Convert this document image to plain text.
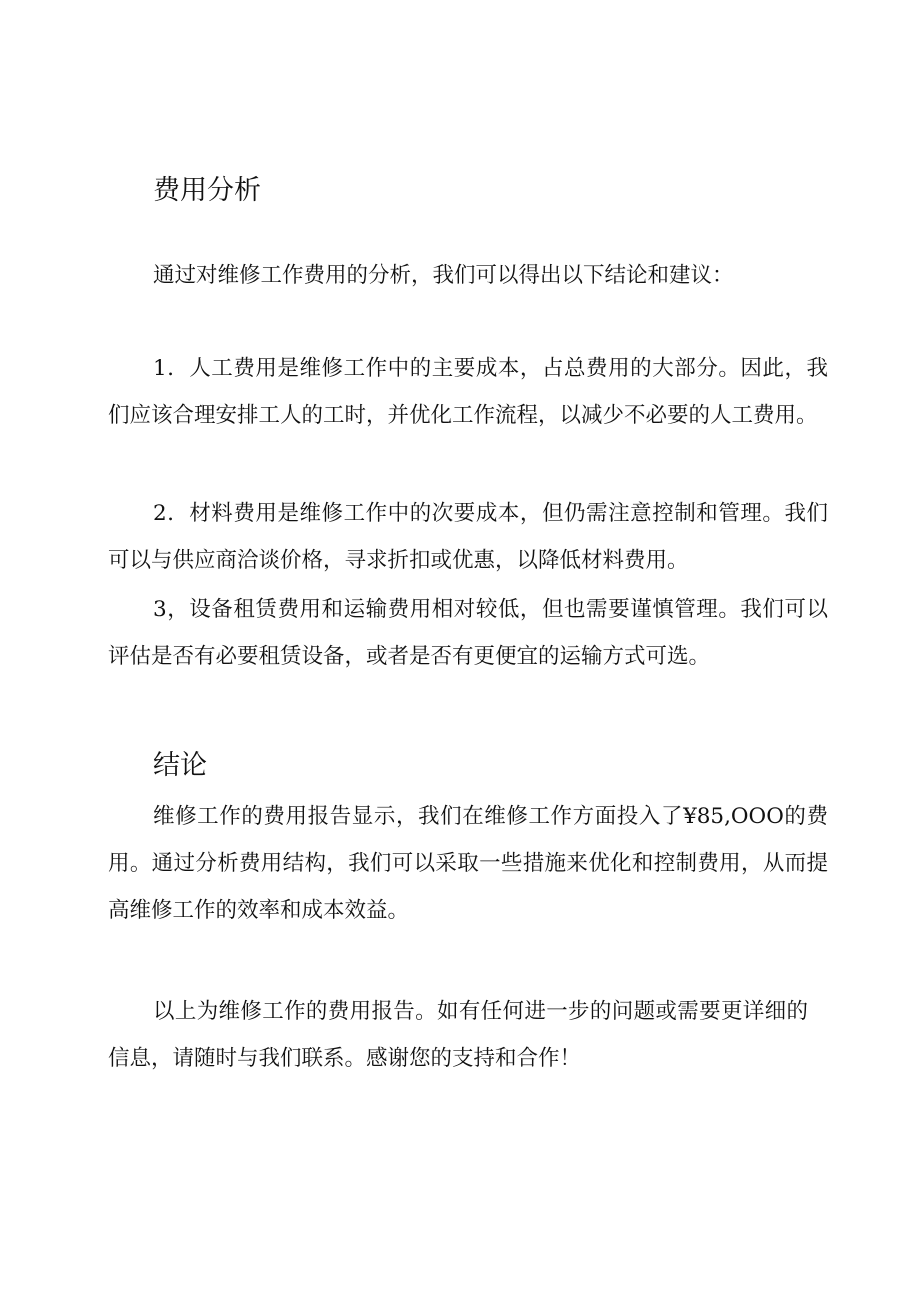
费用分析

通过对维修工作费用的分析，我们可以得出以下结论和建议：

1．人工费用是维修工作中的主要成本，占总费用的大部分。因此，我们应该合理安排工人的工时，并优化工作流程，以减少不必要的人工费用。

2．材料费用是维修工作中的次要成本，但仍需注意控制和管理。我们可以与供应商洽谈价格，寻求折扣或优惠，以降低材料费用。

3，设备租赁费用和运输费用相对较低，但也需要谨慎管理。我们可以评估是否有必要租赁设备，或者是否有更便宜的运输方式可选。

结论

维修工作的费用报告显示，我们在维修工作方面投入了¥85,OOO的费用。通过分析费用结构，我们可以采取一些措施来优化和控制费用，从而提高维修工作的效率和成本效益。

以上为维修工作的费用报告。如有任何进一步的问题或需要更详细的信息，请随时与我们联系。感谢您的支持和合作！
